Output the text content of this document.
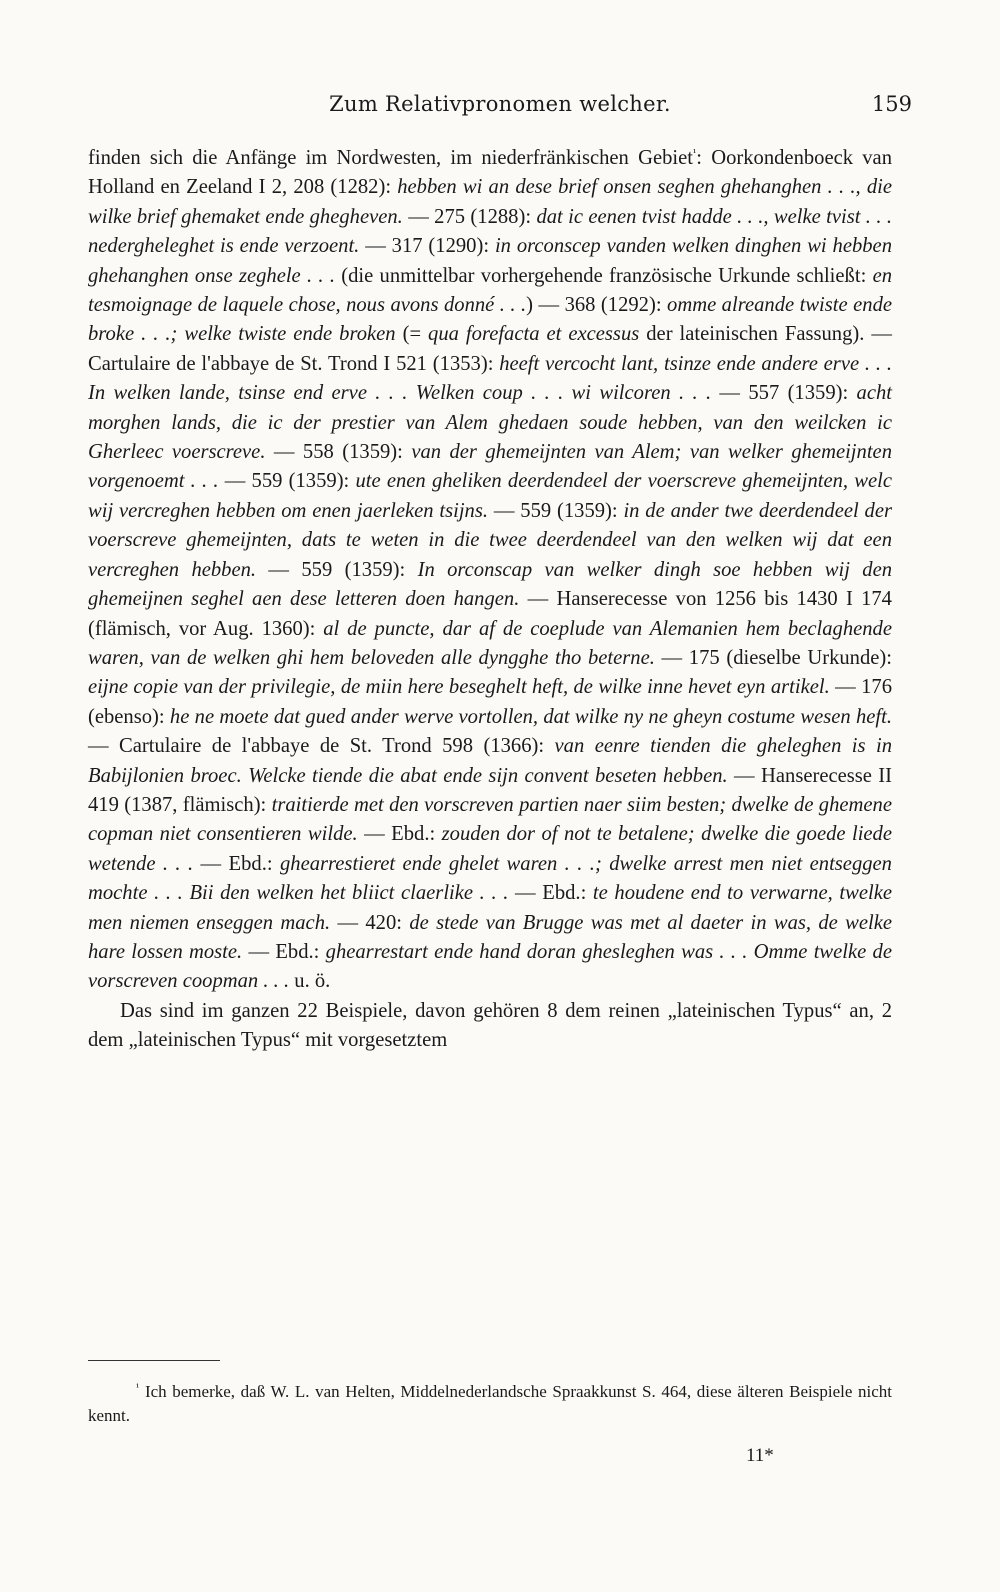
Zum Relativpronomen welcher.	159

finden sich die Anfänge im Nordwesten, im niederfränkischen Gebiet$^{^1}$: Oorkondenboeck van Holland en Zeeland I 2, 208 (1282): hebben wi an dese brief onsen seghen ghehanghen . . ., die wilke brief ghemaket ende ghegheven. — 275 (1288): dat ic eenen tvist hadde . . ., welke tvist . . . nedergheleghet is ende verzoent. — 317 (1290): in orconscep vanden welken dinghen wi hebben ghehanghen onse zeghele . . . (die unmittelbar vorhergehende französische Urkunde schließt: en tesmoignage de laquele chose, nous avons donné . . .) — 368 (1292): omme alreande twiste ende broke . . .; welke twiste ende broken (= qua forefacta et excessus der lateinischen Fassung). — Cartulaire de l'abbaye de St. Trond I 521 (1353): heeft vercocht lant, tsinze ende andere erve . . . In welken lande, tsinse end erve . . . Welken coup . . . wi wilcoren . . . — 557 (1359): acht morghen lands, die ic der prestier van Alem ghedaen soude hebben, van den weilcken ic Gherleec voerscreve. — 558 (1359): van der ghemeijnten van Alem; van welker ghemeijnten vorgenoemt . . . — 559 (1359): ute enen gheliken deerdendeel der voerscreve ghemeijnten, welc wij vercreghen hebben om enen jaerleken tsijns. — 559 (1359): in de ander twe deerdendeel der voerscreve ghemeijnten, dats te weten in die twee deerdendeel van den welken wij dat een vercreghen hebben. — 559 (1359): In orconscap van welker dingh soe hebben wij den ghemeijnen seghel aen dese letteren doen hangen. — Hanserecesse von 1256 bis 1430 I 174 (flämisch, vor Aug. 1360): al de puncte, dar af de coeplude van Alemanien hem beclaghende waren, van de welken ghi hem beloveden alle dyngghe tho beterne. — 175 (dieselbe Urkunde): eijne copie van der privilegie, de miin here beseghelt heft, de wilke inne hevet eyn artikel. — 176 (ebenso): he ne moete dat gued ander werve vortollen, dat wilke ny ne gheyn costume wesen heft. — Cartulaire de l'abbaye de St. Trond 598 (1366): van eenre tienden die gheleghen is in Babijlonien broec. Welcke tiende die abat ende sijn convent beseten hebben. — Hanserecesse II 419 (1387, flämisch): traitierde met den vorscreven partien naer siim besten; dwelke de ghemene copman niet consentieren wilde. — Ebd.: zouden dor of not te betalene; dwelke die goede liede wetende . . . — Ebd.: ghearrestieret ende ghelet waren . . .; dwelke arrest men niet entseggen mochte . . . Bii den welken het bliict claerlike . . . — Ebd.: te houdene end to verwarne, twelke men niemen enseggen mach. — 420: de stede van Brugge was met al daeter in was, de welke hare lossen moste. — Ebd.: ghearrestart ende hand doran ghesleghen was . . . Omme twelke de vorscreven coopman . . . u. ö.

Das sind im ganzen 22 Beispiele, davon gehören 8 dem reinen „lateinischen Typus“ an, 2 dem „lateinischen Typus“ mit vorgesetztem

$^{^1}$ Ich bemerke, daß W. L. van Helten, Middelnederlandsche Spraakkunst S. 464, diese älteren Beispiele nicht kennt.
11*
